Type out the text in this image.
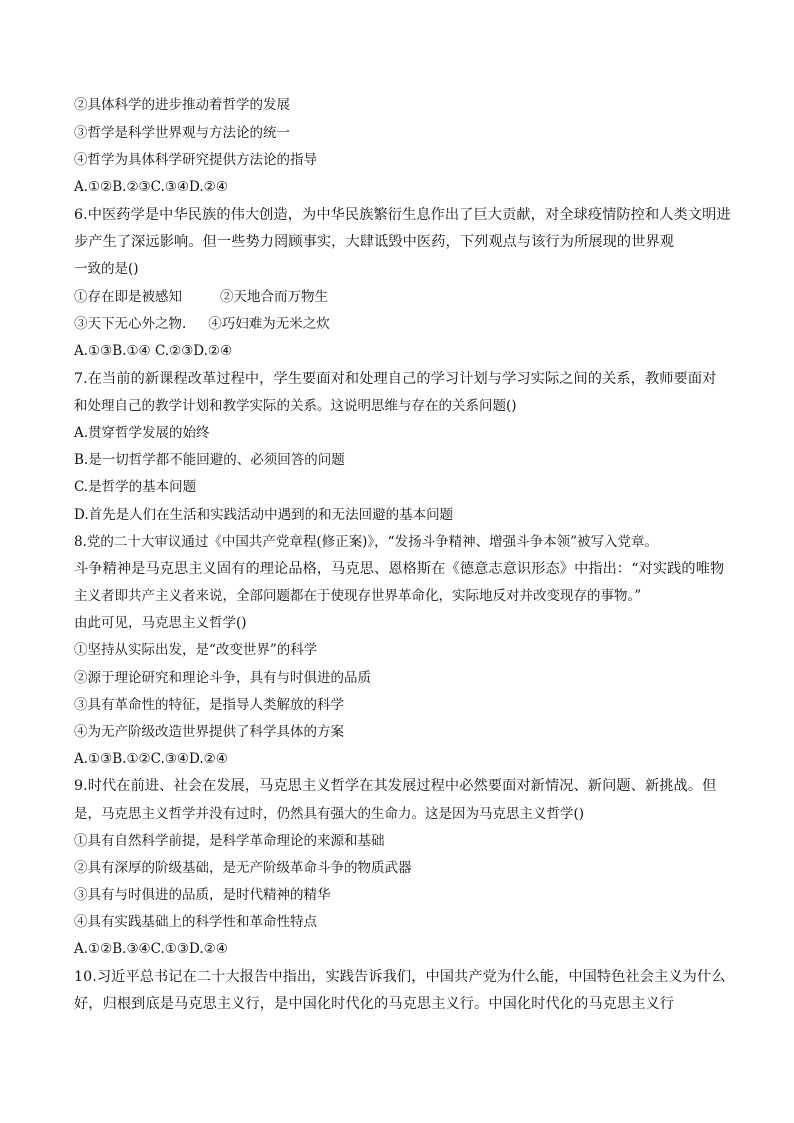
②具体科学的进步推动着哲学的发展
③哲学是科学世界观与方法论的统一
④哲学为具体科学研究提供方法论的指导
A.①②B.②③C.③④D.②④
6.中医药学是中华民族的伟大创造，为中华民族繁衍生息作出了巨大贡献，对全球疫情防控和人类文明进
步产生了深远影响。但一些势力罔顾事实，大肆诋毁中医药，下列观点与该行为所展现的世界观
一致的是()
①存在即是被感知	②天地合而万物生
③天下无心外之物. ④巧妇难为无米之炊
A.①③B.①④ C.②③D.②④
7.在当前的新课程改革过程中，学生要面对和处理自己的学习计划与学习实际之间的关系，教师要面对
和处理自己的教学计划和教学实际的关系。这说明思维与存在的关系问题()
A.贯穿哲学发展的始终
B.是一切哲学都不能回避的、必须回答的问题
C.是哲学的基本问题
D.首先是人们在生活和实践活动中遇到的和无法回避的基本问题
8.党的二十大审议通过《中国共产党章程(修正案)》，“发扬斗争精神、增强斗争本领”被写入党章。
斗争精神是马克思主义固有的理论品格，马克思、恩格斯在《德意志意识形态》中指出：“对实践的唯物
主义者即共产主义者来说，全部问题都在于使现存世界革命化，实际地反对并改变现存的事物。”
由此可见，马克思主义哲学()
①坚持从实际出发，是“改变世界”的科学
②源于理论研究和理论斗争，具有与时俱进的品质
③具有革命性的特征，是指导人类解放的科学
④为无产阶级改造世界提供了科学具体的方案
A.①③B.①②C.③④D.②④
9.时代在前进、社会在发展，马克思主义哲学在其发展过程中必然要面对新情况、新问题、新挑战。但
是，马克思主义哲学并没有过时，仍然具有强大的生命力。这是因为马克思主义哲学()
①具有自然科学前提，是科学革命理论的来源和基础
②具有深厚的阶级基础，是无产阶级革命斗争的物质武器
③具有与时俱进的品质，是时代精神的精华
④具有实践基础上的科学性和革命性特点
A.①②B.③④C.①③D.②④
10.习近平总书记在二十大报告中指出，实践告诉我们，中国共产党为什么能，中国特色社会主义为什么
好，归根到底是马克思主义行，是中国化时代化的马克思主义行。中国化时代化的马克思主义行
